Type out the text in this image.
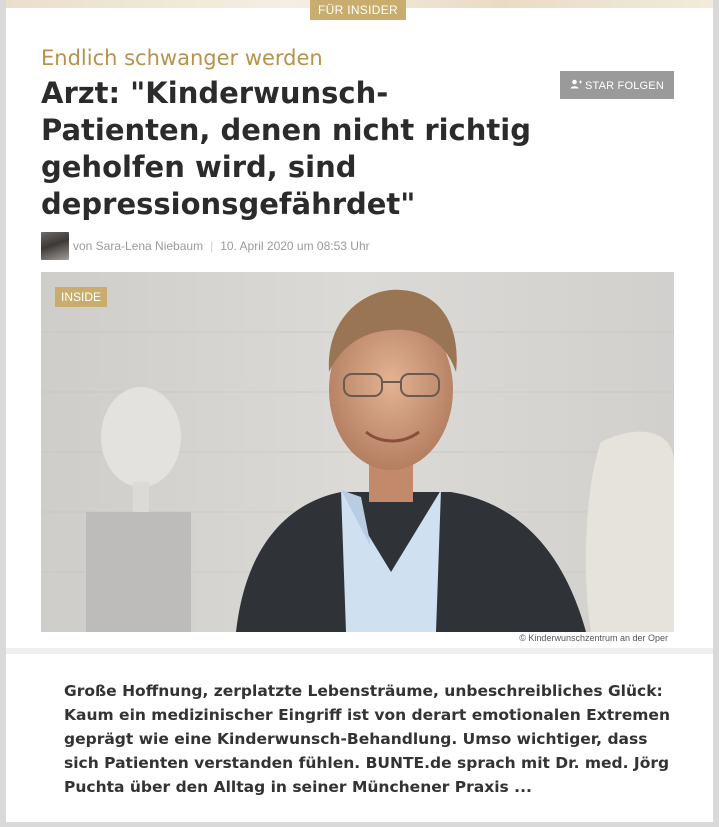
FÜR INSIDER
Endlich schwanger werden
Arzt: "Kinderwunsch-Patienten, denen nicht richtig geholfen wird, sind depressionsgefährdet"
STAR FOLGEN
von Sara-Lena Niebaum | 10. April 2020 um 08:53 Uhr
INSIDE
© Kinderwunschzentrum an der Oper

Große Hoffnung, zerplatzte Lebensträume, unbeschreibliches Glück: Kaum ein medizinischer Eingriff ist von derart emotionalen Extremen geprägt wie eine Kinderwunsch-Behandlung. Umso wichtiger, dass sich Patienten verstanden fühlen. BUNTE.de sprach mit Dr. med. Jörg Puchta über den Alltag in seiner Münchener Praxis ...
